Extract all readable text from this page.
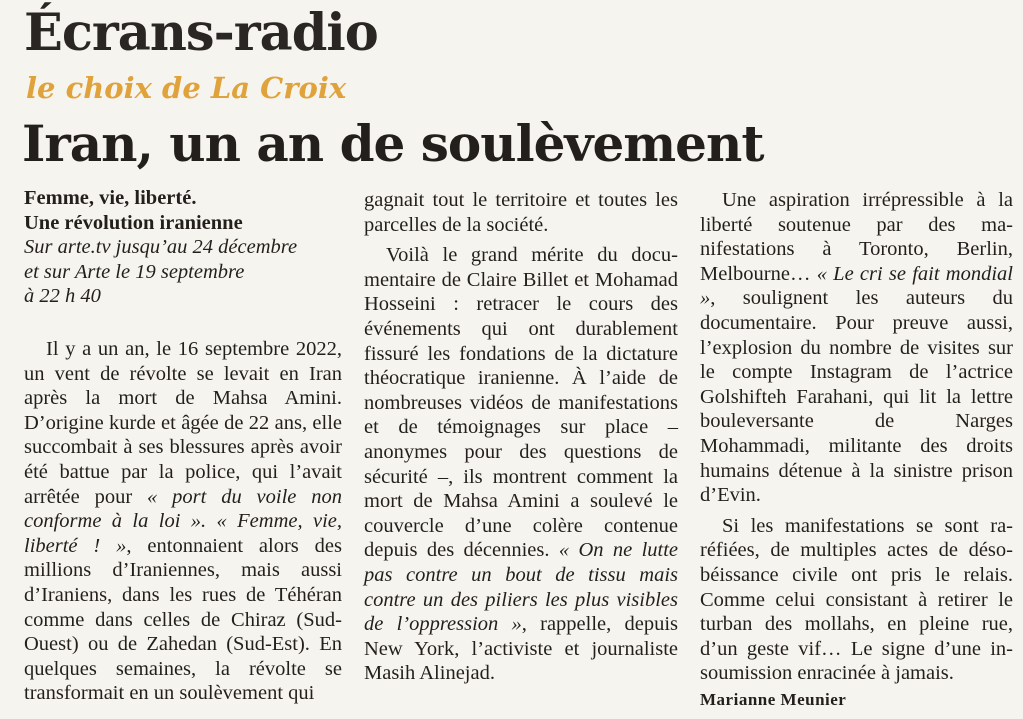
Écrans-radio
le choix de La Croix
Iran, un an de soulèvement
Femme, vie, liberté.
Une révolution iranienne
Sur arte.tv jusqu’au 24 décembre
et sur Arte le 19 septembre
à 22 h 40

Il y a un an, le 16 septembre 2022, un vent de révolte se levait en Iran après la mort de Mahsa Amini. D’origine kurde et âgée de 22 ans, elle succombait à ses blessures après avoir été battue par la police, qui l’avait arrêtée pour « port du voile non conforme à la loi ». « Femme, vie, liberté ! », entonnaient alors des millions d’Iraniennes, mais aussi d’Iraniens, dans les rues de Téhéran comme dans celles de Chiraz (Sud-Ouest) ou de Zahedan (Sud-Est). En quelques semaines, la révolte se transformait en un soulèvement qui

Une aspiration irrépressible à la liberté soutenue par des manifestations à Toronto, Berlin, Melbourne… « Le cri se fait mondial », soulignent les auteurs du documentaire. Pour preuve aussi, l’explosion du nombre de visites sur le compte Instagram de l’actrice Golshifteh Farahani, qui lit la lettre bouleversante de Narges Mohammadi, militante des droits humains détenue à la sinistre prison d’Evin.

Si les manifestations se sont raréfiées, de multiples actes de désobéissance civile ont pris le relais. Comme celui consistant à retirer le turban des mollahs, en pleine rue, d’un geste vif… Le signe d’une insoumission enracinée à jamais.

Marianne Meunier

gagnait tout le territoire et toutes les parcelles de la société.

Voilà le grand mérite du documentaire de Claire Billet et Mohamad Hosseini : retracer le cours des événements qui ont durablement fissuré les fondations de la dictature théocratique iranienne. À l’aide de nombreuses vidéos de manifestations et de témoignages sur place – anonymes pour des questions de sécurité –, ils montrent comment la mort de Mahsa Amini a soulevé le couvercle d’une colère contenue depuis des décennies. « On ne lutte pas contre un bout de tissu mais contre un des piliers les plus visibles de l’oppression », rappelle, depuis New York, l’activiste et journaliste Masih Alinejad.
